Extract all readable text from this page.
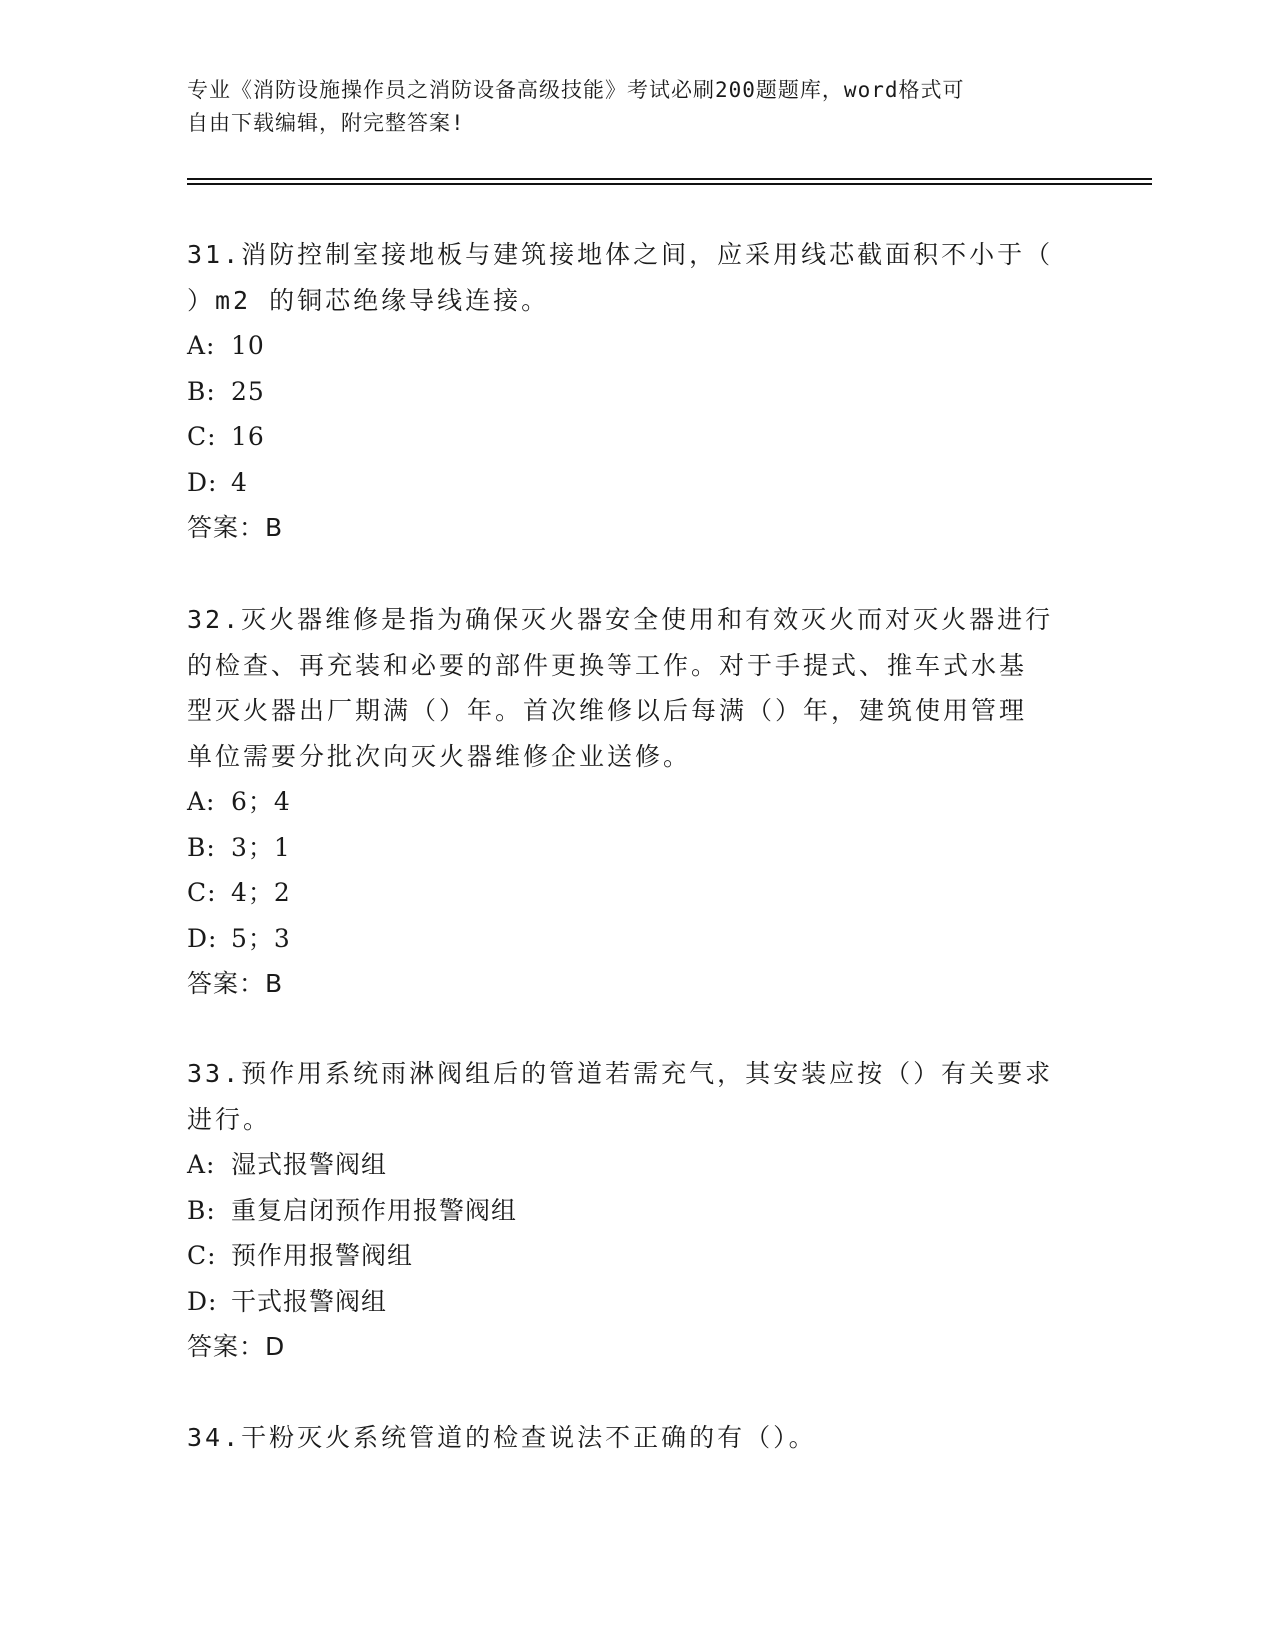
专业《消防设施操作员之消防设备高级技能》考试必刷200题题库，word格式可
自由下载编辑，附完整答案!

31.消防控制室接地板与建筑接地体之间，应采用线芯截面积不小于（
）m2 的铜芯绝缘导线连接。

A: 10

B: 25

C: 16

D: 4

答案：B

32.灭火器维修是指为确保灭火器安全使用和有效灭火而对灭火器进行
的检查、再充装和必要的部件更换等工作。对于手提式、推车式水基
型灭火器出厂期满（）年。首次维修以后每满（）年，建筑使用管理
单位需要分批次向灭火器维修企业送修。

A: 6；4

B: 3；1

C: 4；2

D: 5；3

答案：B

33.预作用系统雨淋阀组后的管道若需充气，其安装应按（）有关要求
进行。

A: 湿式报警阀组

B: 重复启闭预作用报警阀组

C: 预作用报警阀组

D: 干式报警阀组

答案：D

34.干粉灭火系统管道的检查说法不正确的有（）。
